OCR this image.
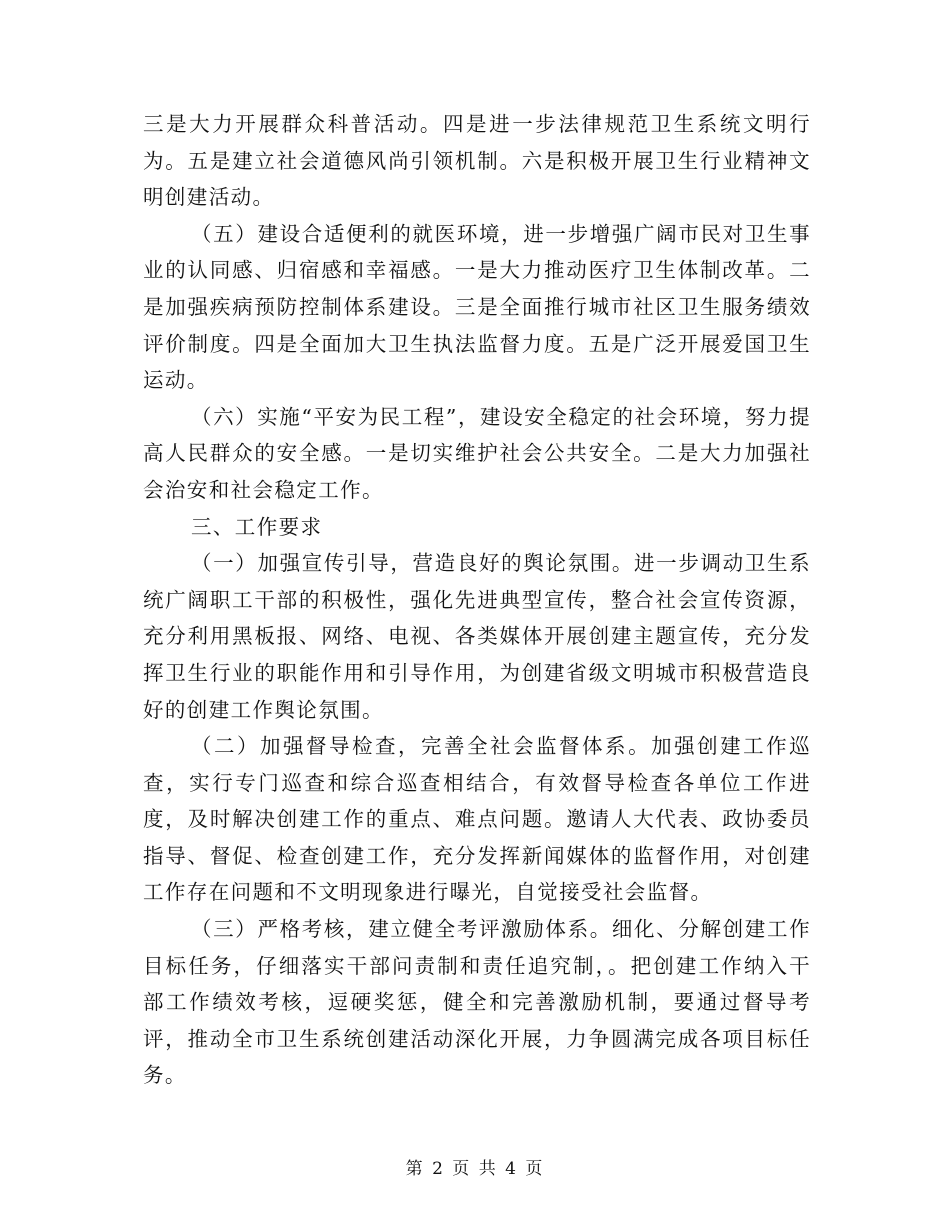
三是大力开展群众科普活动。四是进一步法律规范卫生系统文明行为。五是建立社会道德风尚引领机制。六是积极开展卫生行业精神文明创建活动。

（五）建设合适便利的就医环境，进一步增强广阔市民对卫生事业的认同感、归宿感和幸福感。一是大力推动医疗卫生体制改革。二是加强疾病预防控制体系建设。三是全面推行城市社区卫生服务绩效评价制度。四是全面加大卫生执法监督力度。五是广泛开展爱国卫生运动。

（六）实施“平安为民工程”，建设安全稳定的社会环境，努力提高人民群众的安全感。一是切实维护社会公共安全。二是大力加强社会治安和社会稳定工作。

三、工作要求

（一）加强宣传引导，营造良好的舆论氛围。进一步调动卫生系统广阔职工干部的积极性，强化先进典型宣传，整合社会宣传资源，充分利用黑板报、网络、电视、各类媒体开展创建主题宣传，充分发挥卫生行业的职能作用和引导作用，为创建省级文明城市积极营造良好的创建工作舆论氛围。

（二）加强督导检查，完善全社会监督体系。加强创建工作巡查，实行专门巡查和综合巡查相结合，有效督导检查各单位工作进度，及时解决创建工作的重点、难点问题。邀请人大代表、政协委员指导、督促、检查创建工作，充分发挥新闻媒体的监督作用，对创建工作存在问题和不文明现象进行曝光，自觉接受社会监督。

（三）严格考核，建立健全考评激励体系。细化、分解创建工作目标任务，仔细落实干部问责制和责任追究制，。把创建工作纳入干部工作绩效考核，逗硬奖惩，健全和完善激励机制，要通过督导考评，推动全市卫生系统创建活动深化开展，力争圆满完成各项目标任务。

第 2 页 共 4 页
